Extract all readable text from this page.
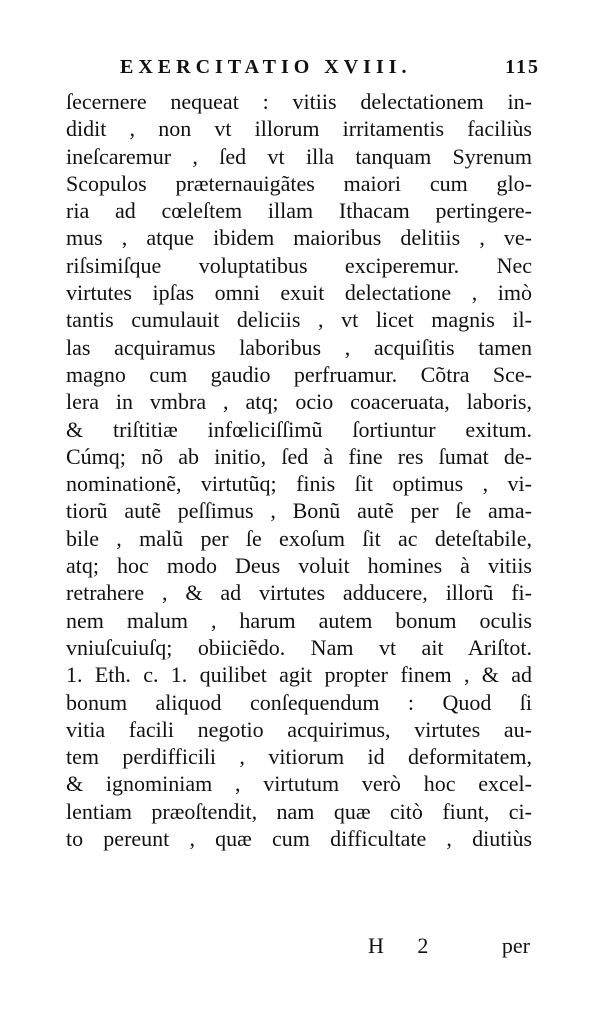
EXERCITATIO XVIII.	115
ſecernere nequeat : vitiis delectationem in-
didit , non vt illorum irritamentis faciliùs
ineſcaremur , ſed vt illa tanquam Syrenum
Scopulos prætеrnauigãtes maiori cum glo-
ria ad cœleſtem illam Ithacam pertingere-
mus , atque ibidem maioribus delitiis , ve-
riſsimiſque voluptatibus exciperemur. Nec
virtutes ipſas omni exuit delectatione , imò
tantis cumulauit deliciis , vt licet magnis il-
las acquiramus laboribus , acquiſitis tamen
magno cum gaudio perfruamur. Cõtra Sce-
lera in vmbra , atq; ocio coaceruata, laboris,
& triſtitiæ infœliciſſimũ ſortiuntur exitum.
Cúmq; nõ ab initio, ſed à fine res ſumat de-
nominationẽ, virtutũq; finis ſit optimus , vi-
tiorũ autẽ peſſimus , Bonũ autẽ per ſe ama-
bile , malũ per ſe exoſum ſit ac deteſtabile,
atq; hoc modo Deus voluit homines à vitiis
retrahere , & ad virtutes adducere, illorũ fi-
nem malum , harum autem bonum oculis
vniuſcuiuſq; obiiciẽdo. Nam vt ait Ariſtot.
1. Eth. c. 1. quilibet agit propter finem , & ad
bonum aliquod conſequendum : Quod ſi
vitia facili negotio acquirimus, virtutes au-
tem perdifficili , vitiorum id deformitatem,
& ignominiam , virtutum verò hoc excel-
lentiam præoſtendit, nam quæ citò fiunt, ci-
to pereunt , quæ cum difficultate , diutiùs
H 2	per
